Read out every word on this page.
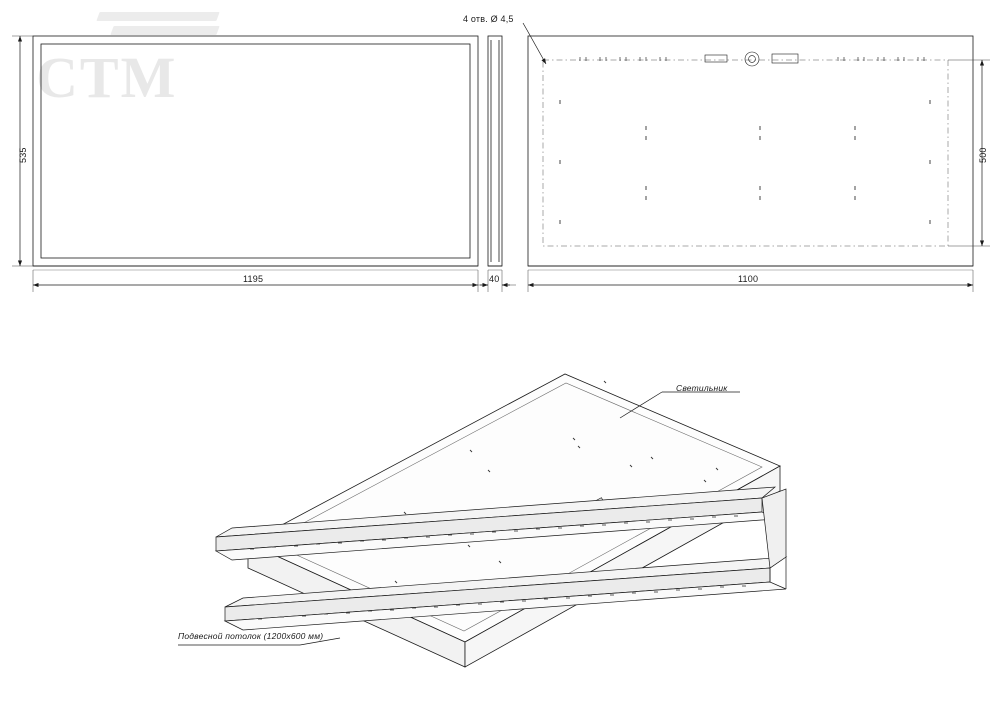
CTM
535
1195	40	1100
500
4 отв. Ø 4,5
Светильник
Подвесной потолок (1200x600 мм)
